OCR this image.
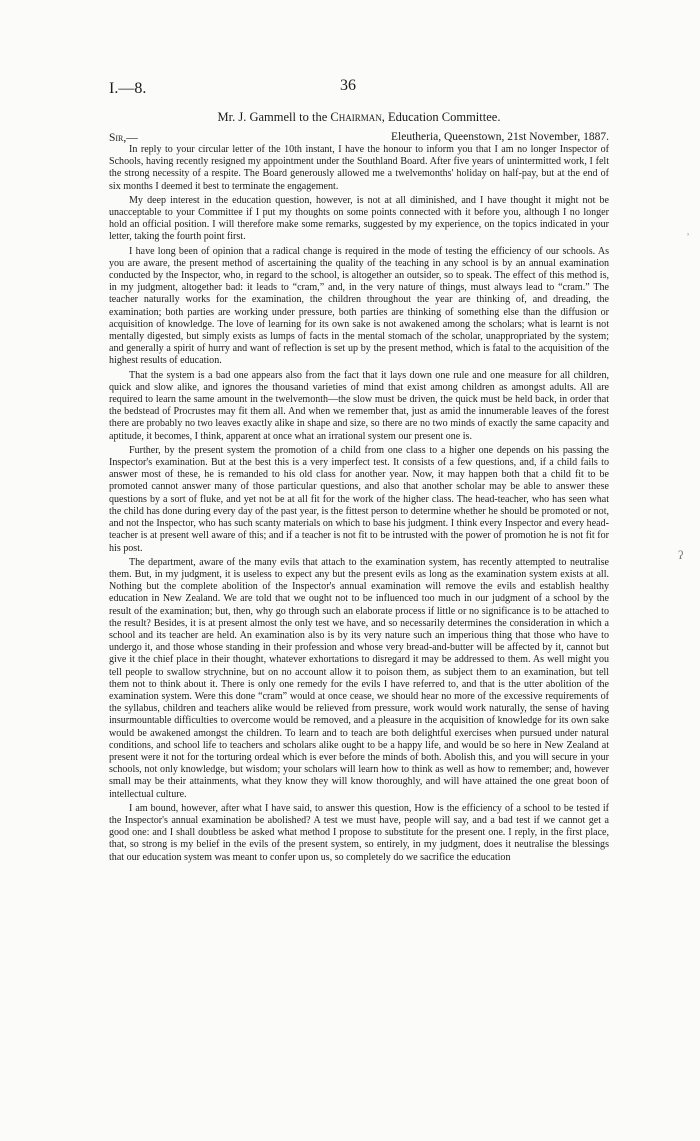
I.—8.	36
Mr. J. Gammell to the Chairman, Education Committee.
Sir,—	Eleutheria, Queenstown, 21st November, 1887.

In reply to your circular letter of the 10th instant, I have the honour to inform you that I am no longer Inspector of Schools, having recently resigned my appointment under the Southland Board. After five years of unintermitted work, I felt the strong necessity of a respite. The Board generously allowed me a twelvemonths' holiday on half-pay, but at the end of six months I deemed it best to terminate the engagement.

My deep interest in the education question, however, is not at all diminished, and I have thought it might not be unacceptable to your Committee if I put my thoughts on some points connected with it before you, although I no longer hold an official position. I will therefore make some remarks, suggested by my experience, on the topics indicated in your letter, taking the fourth point first.

I have long been of opinion that a radical change is required in the mode of testing the efficiency of our schools. As you are aware, the present method of ascertaining the quality of the teaching in any school is by an annual examination conducted by the Inspector, who, in regard to the school, is altogether an outsider, so to speak. The effect of this method is, in my judgment, altogether bad: it leads to “cram,” and, in the very nature of things, must always lead to “cram.” The teacher naturally works for the examination, the children throughout the year are thinking of, and dreading, the examination; both parties are working under pressure, both parties are thinking of something else than the diffusion or acquisition of knowledge. The love of learning for its own sake is not awakened among the scholars; what is learnt is not mentally digested, but simply exists as lumps of facts in the mental stomach of the scholar, unappropriated by the system; and generally a spirit of hurry and want of reflection is set up by the present method, which is fatal to the acquisition of the highest results of education.

That the system is a bad one appears also from the fact that it lays down one rule and one measure for all children, quick and slow alike, and ignores the thousand varieties of mind that exist among children as amongst adults. All are required to learn the same amount in the twelvemonth—the slow must be driven, the quick must be held back, in order that the bedstead of Procrustes may fit them all. And when we remember that, just as amid the innumerable leaves of the forest there are probably no two leaves exactly alike in shape and size, so there are no two minds of exactly the same capacity and aptitude, it becomes, I think, apparent at once what an irrational system our present one is.

Further, by the present system the promotion of a child from one class to a higher one depends on his passing the Inspector's examination. But at the best this is a very imperfect test. It consists of a few questions, and, if a child fails to answer most of these, he is remanded to his old class for another year. Now, it may happen both that a child fit to be promoted cannot answer many of those particular questions, and also that another scholar may be able to answer these questions by a sort of fluke, and yet not be at all fit for the work of the higher class. The head-teacher, who has seen what the child has done during every day of the past year, is the fittest person to determine whether he should be promoted or not, and not the Inspector, who has such scanty materials on which to base his judgment. I think every Inspector and every head-teacher is at present well aware of this; and if a teacher is not fit to be intrusted with the power of promotion he is not fit for his post.

The department, aware of the many evils that attach to the examination system, has recently attempted to neutralise them. But, in my judgment, it is useless to expect any but the present evils as long as the examination system exists at all. Nothing but the complete abolition of the Inspector's annual examination will remove the evils and establish healthy education in New Zealand. We are told that we ought not to be influenced too much in our judgment of a school by the result of the examination; but, then, why go through such an elaborate process if little or no significance is to be attached to the result? Besides, it is at present almost the only test we have, and so necessarily determines the consideration in which a school and its teacher are held. An examination also is by its very nature such an imperious thing that those who have to undergo it, and those whose standing in their profession and whose very bread-and-butter will be affected by it, cannot but give it the chief place in their thought, whatever exhortations to disregard it may be addressed to them. As well might you tell people to swallow strychnine, but on no account allow it to poison them, as subject them to an examination, but tell them not to think about it. There is only one remedy for the evils I have referred to, and that is the utter abolition of the examination system. Were this done “cram” would at once cease, we should hear no more of the excessive requirements of the syllabus, children and teachers alike would be relieved from pressure, work would work naturally, the sense of having insurmountable difficulties to overcome would be removed, and a pleasure in the acquisition of knowledge for its own sake would be awakened amongst the children. To learn and to teach are both delightful exercises when pursued under natural conditions, and school life to teachers and scholars alike ought to be a happy life, and would be so here in New Zealand at present were it not for the torturing ordeal which is ever before the minds of both. Abolish this, and you will secure in your schools, not only knowledge, but wisdom; your scholars will learn how to think as well as how to remember; and, however small may be their attainments, what they know they will know thoroughly, and will have attained the one great boon of intellectual culture.

I am bound, however, after what I have said, to answer this question, How is the efficiency of a school to be tested if the Inspector's annual examination be abolished? A test we must have, people will say, and a bad test if we cannot get a good one: and I shall doubtless be asked what method I propose to substitute for the present one. I reply, in the first place, that, so strong is my belief in the evils of the present system, so entirely, in my judgment, does it neutralise the blessings that our education system was meant to confer upon us, so completely do we sacrifice the education

˒
ʔ
